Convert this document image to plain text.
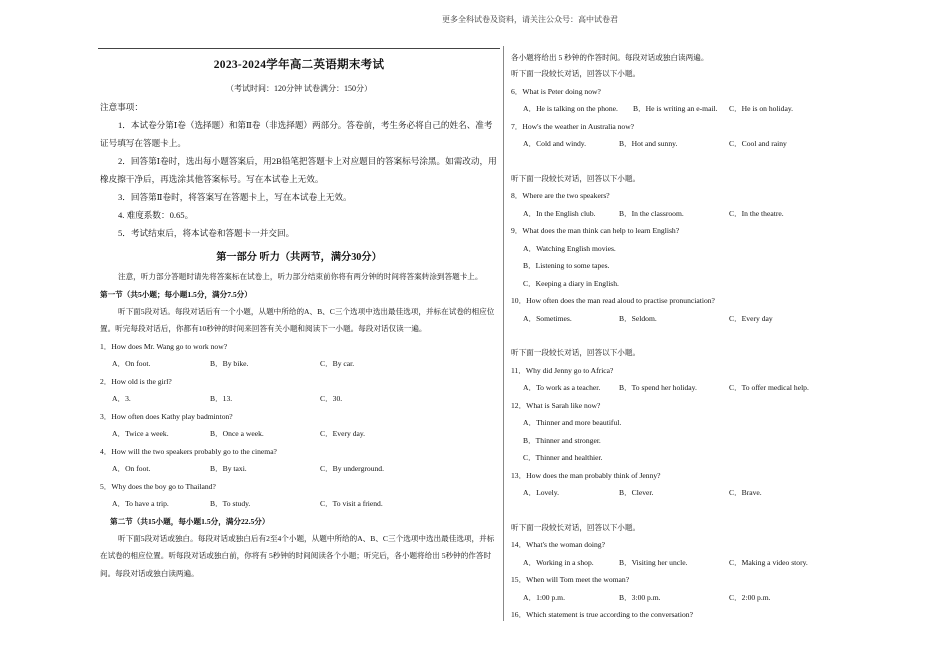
更多全科试卷及资料，请关注公众号：高中试卷君
2023-2024学年高二英语期末考试
（考试时间：120分钟 试卷满分：150分）
注意事项：
1．本试卷分第Ⅰ卷（选择题）和第Ⅱ卷（非选择题）两部分。答卷前，考生务必将自己的姓名、准考证号填写在答题卡上。
2．回答第Ⅰ卷时，选出每小题答案后，用2B铅笔把答题卡上对应题目的答案标号涂黑。如需改动，用橡皮擦干净后，再选涂其他答案标号。写在本试卷上无效。
3．回答第Ⅱ卷时，将答案写在答题卡上，写在本试卷上无效。
4. 难度系数：0.65。
5．考试结束后，将本试卷和答题卡一并交回。
第一部分 听力（共两节，满分30分）
注意，听力部分答题时请先将答案标在试卷上，听力部分结束前你将有两分钟的时间将答案转涂到答题卡上。
第一节（共5小题；每小题1.5分，满分7.5分）
听下面5段对话。每段对话后有一个小题，从题中所给的A、B、C三个选项中选出最佳选项，并标在试卷的相应位置。听完每段对话后，你都有10秒钟的时间来回答有关小题和阅读下一小题。每段对话仅读一遍。
1．How does Mr. Wang go to work now?
A．On foot.	B．By bike.	C．By car.
2．How old is the girl?
A．3.	B．13.	C．30.
3．How often does Kathy play badminton?
A．Twice a week.	B．Once a week.	C．Every day.
4．How will the two speakers probably go to the cinema?
A．On foot.	B．By taxi.	C．By underground.
5．Why does the boy go to Thailand?
A．To have a trip.	B．To study.	C．To visit a friend.
第二节（共15小题，每小题1.5分，满分22.5分）
听下面5段对话或独白。每段对话或独白后有2至4个小题，从题中所给的A、B、C三个选项中选出最佳选项，并标在试卷的相应位置。听每段对话或独白前，你将有 5秒钟的时间阅读各个小题；听完后，各小题将给出 5秒钟的作答时间。每段对话或独白读两遍。
各小题将给出 5 秒钟的作答时间。每段对话或独白读两遍。
听下面一段较长对话，回答以下小题。
6．What is Peter doing now?
A．He is talking on the phone.	B．He is writing an e-mail.	C．He is on holiday.
7．How's the weather in Australia now?
A．Cold and windy.	B．Hot and sunny.	C．Cool and rainy
听下面一段较长对话，回答以下小题。
8．Where are the two speakers?
A．In the English club.	B．In the classroom.	C．In the theatre.
9．What does the man think can help to learn English?
A．Watching English movies.
B．Listening to some tapes.
C．Keeping a diary in English.
10．How often does the man read aloud to practise pronunciation?
A．Sometimes.	B．Seldom.	C．Every day
听下面一段较长对话，回答以下小题。
11．Why did Jenny go to Africa?
A．To work as a teacher.	B．To spend her holiday.	C．To offer medical help.
12．What is Sarah like now?
A．Thinner and more beautiful.
B．Thinner and stronger.
C．Thinner and healthier.
13．How does the man probably think of Jenny?
A．Lovely.	B．Clever.	C．Brave.
听下面一段较长对话，回答以下小题。
14．What's the woman doing?
A．Working in a shop.	B．Visiting her uncle.	C．Making a video story.
15．When will Tom meet the woman?
A．1:00 p.m.	B．3:00 p.m.	C．2:00 p.m.
16．Which statement is true according to the conversation?
